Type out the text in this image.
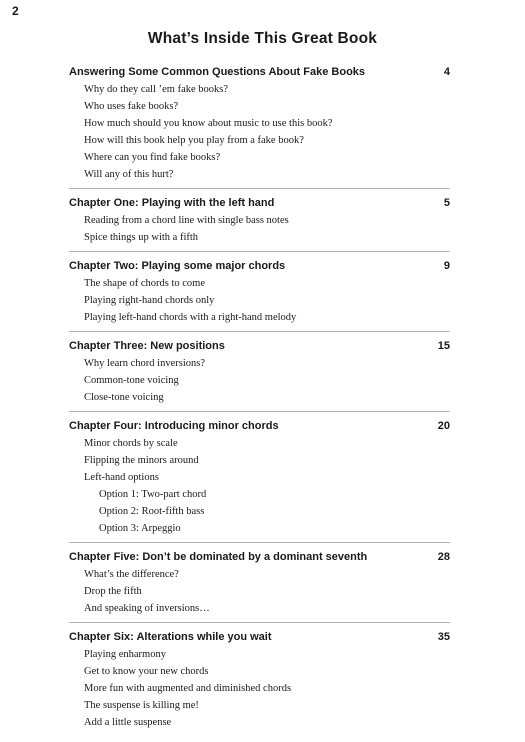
2
What’s Inside This Great Book
Answering Some Common Questions About Fake Books	4
Why do they call ’em fake books?
Who uses fake books?
How much should you know about music to use this book?
How will this book help you play from a fake book?
Where can you find fake books?
Will any of this hurt?
Chapter One: Playing with the left hand	5
Reading from a chord line with single bass notes
Spice things up with a fifth
Chapter Two: Playing some major chords	9
The shape of chords to come
Playing right-hand chords only
Playing left-hand chords with a right-hand melody
Chapter Three: New positions	15
Why learn chord inversions?
Common-tone voicing
Close-tone voicing
Chapter Four: Introducing minor chords	20
Minor chords by scale
Flipping the minors around
Left-hand options
Option 1: Two-part chord
Option 2: Root-fifth bass
Option 3: Arpeggio
Chapter Five: Don’t be dominated by a dominant seventh	28
What’s the difference?
Drop the fifth
And speaking of inversions…
Chapter Six: Alterations while you wait	35
Playing enharmony
Get to know your new chords
More fun with augmented and diminished chords
The suspense is killing me!
Add a little suspense
